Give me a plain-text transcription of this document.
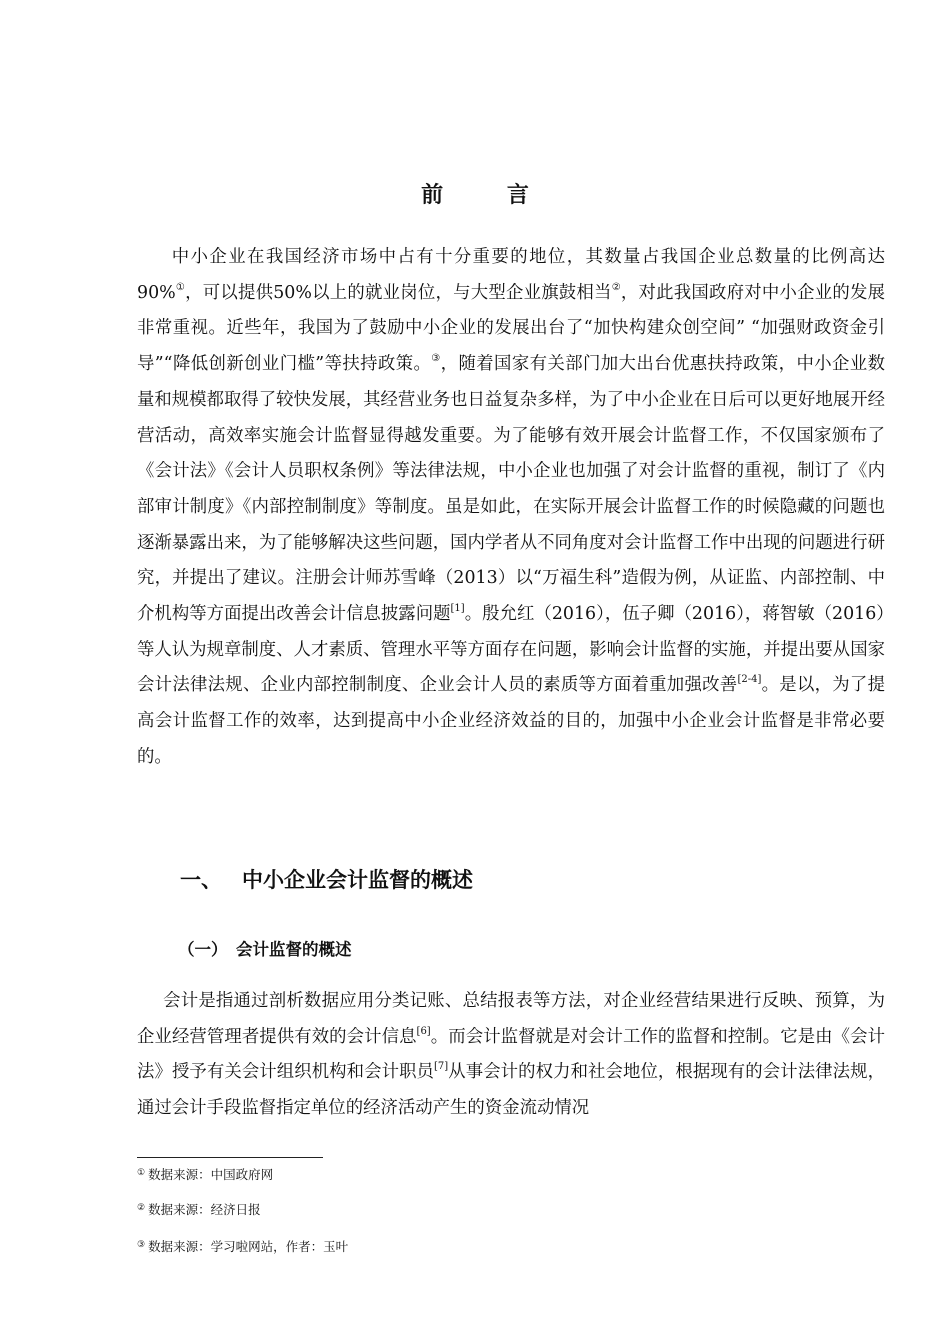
前 言

中小企业在我国经济市场中占有十分重要的地位，其数量占我国企业总数量的比例高达90%①，可以提供50%以上的就业岗位，与大型企业旗鼓相当②，对此我国政府对中小企业的发展非常重视。近些年，我国为了鼓励中小企业的发展出台了“加快构建众创空间” “加强财政资金引导”“降低创新创业门槛”等扶持政策。③，随着国家有关部门加大出台优惠扶持政策，中小企业数量和规模都取得了较快发展，其经营业务也日益复杂多样，为了中小企业在日后可以更好地展开经营活动，高效率实施会计监督显得越发重要。为了能够有效开展会计监督工作，不仅国家颁布了《会计法》《会计人员职权条例》等法律法规，中小企业也加强了对会计监督的重视，制订了《内部审计制度》《内部控制制度》等制度。虽是如此，在实际开展会计监督工作的时候隐藏的问题也逐渐暴露出来，为了能够解决这些问题，国内学者从不同角度对会计监督工作中出现的问题进行研究，并提出了建议。注册会计师苏雪峰（2013）以“万福生科”造假为例，从证监、内部控制、中介机构等方面提出改善会计信息披露问题[1]。殷允红（2016），伍子卿（2016），蒋智敏（2016）等人认为规章制度、人才素质、管理水平等方面存在问题，影响会计监督的实施，并提出要从国家会计法律法规、企业内部控制制度、企业会计人员的素质等方面着重加强改善[2-4]。是以，为了提高会计监督工作的效率，达到提高中小企业经济效益的目的，加强中小企业会计监督是非常必要的。

一、 中小企业会计监督的概述
（一） 会计监督的概述

会计是指通过剖析数据应用分类记账、总结报表等方法，对企业经营结果进行反映、预算，为企业经营管理者提供有效的会计信息[6]。而会计监督就是对会计工作的监督和控制。它是由《会计法》授予有关会计组织机构和会计职员[7]从事会计的权力和社会地位，根据现有的会计法律法规，通过会计手段监督指定单位的经济活动产生的资金流动情况

① 数据来源：中国政府网
② 数据来源：经济日报
③ 数据来源：学习啦网站，作者：玉叶
